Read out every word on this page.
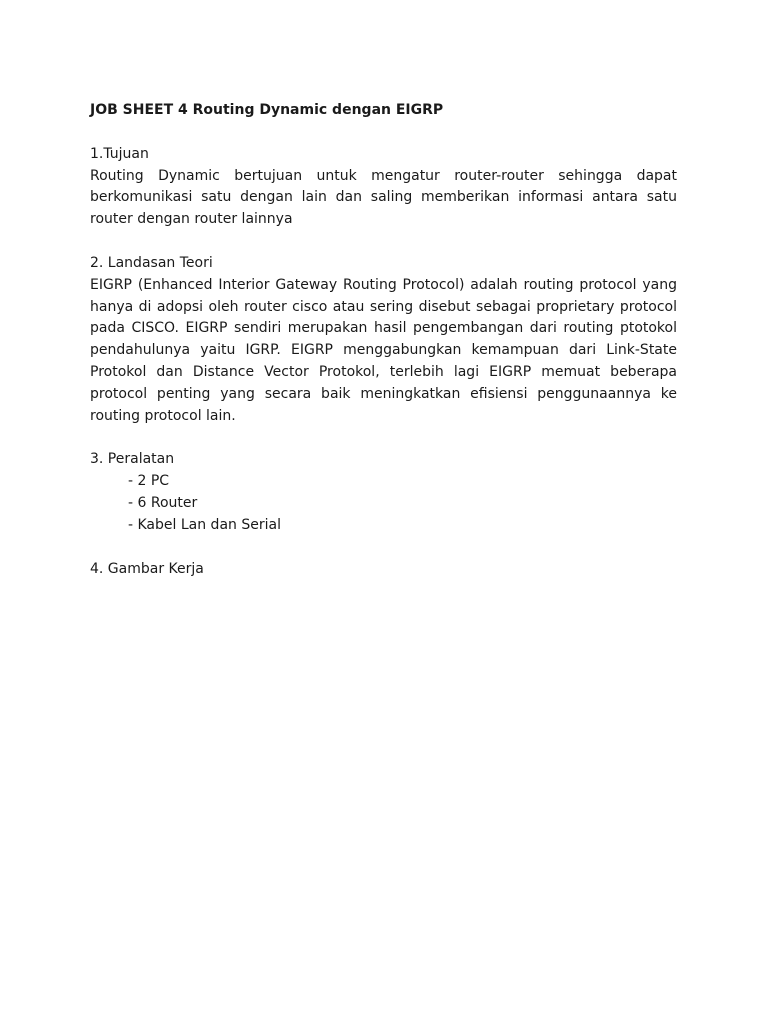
JOB SHEET 4 Routing Dynamic dengan EIGRP
1.Tujuan

Routing Dynamic bertujuan untuk mengatur router-router sehingga dapat berkomunikasi satu dengan lain dan saling memberikan informasi antara satu router dengan router lainnya

2. Landasan Teori

EIGRP (Enhanced Interior Gateway Routing Protocol) adalah routing protocol yang hanya di adopsi oleh router cisco atau sering disebut sebagai proprietary protocol pada CISCO. EIGRP sendiri merupakan hasil pengembangan dari routing ptotokol pendahulunya yaitu IGRP. EIGRP menggabungkan kemampuan dari Link-State Protokol dan Distance Vector Protokol, terlebih lagi EIGRP memuat beberapa protocol penting yang secara baik meningkatkan efisiensi penggunaannya ke routing protocol lain.

3. Peralatan
- 2 PC
- 6 Router
- Kabel Lan dan Serial
4. Gambar Kerja
